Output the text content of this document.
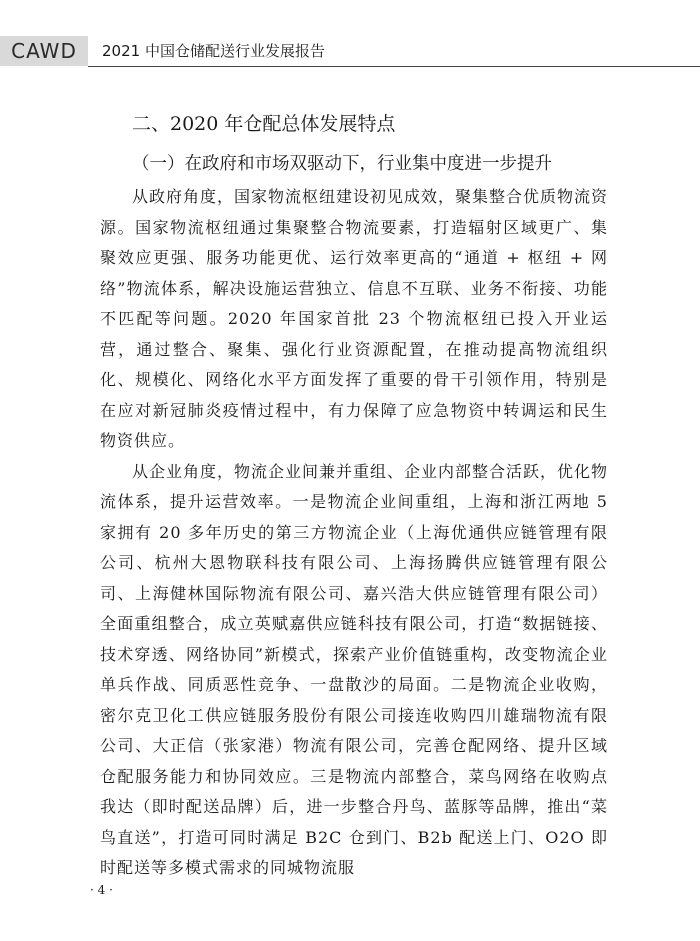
CAWD	2021 中国仓储配送行业发展报告
二、2020 年仓配总体发展特点
（一）在政府和市场双驱动下，行业集中度进一步提升

从政府角度，国家物流枢纽建设初见成效，聚集整合优质物流资源。国家物流枢纽通过集聚整合物流要素，打造辐射区域更广、集聚效应更强、服务功能更优、运行效率更高的“通道 + 枢纽 + 网络”物流体系，解决设施运营独立、信息不互联、业务不衔接、功能不匹配等问题。2020 年国家首批 23 个物流枢纽已投入开业运营，通过整合、聚集、强化行业资源配置，在推动提高物流组织化、规模化、网络化水平方面发挥了重要的骨干引领作用，特别是在应对新冠肺炎疫情过程中，有力保障了应急物资中转调运和民生物资供应。

从企业角度，物流企业间兼并重组、企业内部整合活跃，优化物流体系，提升运营效率。一是物流企业间重组，上海和浙江两地 5 家拥有 20 多年历史的第三方物流企业（上海优通供应链管理有限公司、杭州大恩物联科技有限公司、上海扬腾供应链管理有限公司、上海健林国际物流有限公司、嘉兴浩大供应链管理有限公司）全面重组整合，成立英赋嘉供应链科技有限公司，打造“数据链接、技术穿透、网络协同”新模式，探索产业价值链重构，改变物流企业单兵作战、同质恶性竞争、一盘散沙的局面。二是物流企业收购，密尔克卫化工供应链服务股份有限公司接连收购四川雄瑞物流有限公司、大正信（张家港）物流有限公司，完善仓配网络、提升区域仓配服务能力和协同效应。三是物流内部整合，菜鸟网络在收购点我达（即时配送品牌）后，进一步整合丹鸟、蓝豚等品牌，推出“菜鸟直送”，打造可同时满足 B2C 仓到门、B2b 配送上门、O2O 即时配送等多模式需求的同城物流服

· 4 ·
